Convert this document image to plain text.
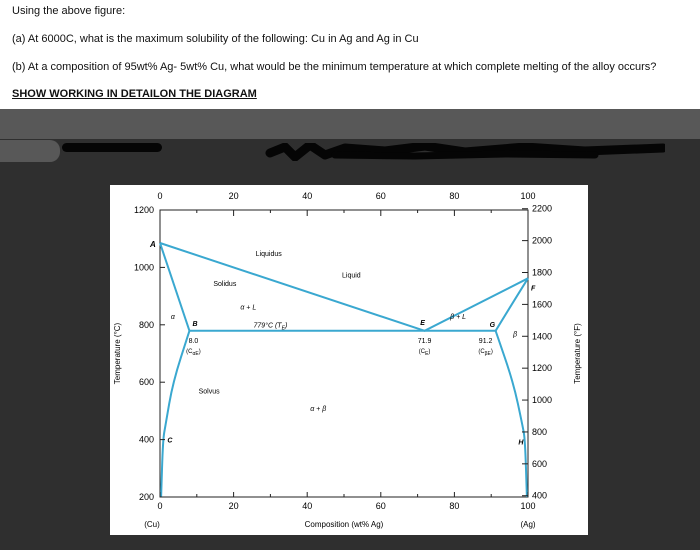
Using the above figure:
(a) At 6000C, what is the maximum solubility of the following: Cu in Ag and Ag in Cu
(b) At a composition of 95wt% Ag- 5wt% Cu, what would be the minimum temperature at which complete melting of the alloy occurs?
SHOW WORKING IN DETAILON THE DIAGRAM
0	20	40	60	80	100
0	20	40	60	80	100
1200
1000
800
600
400
200
2200
2000
1800
1600
1400
1200
1000
800
600
400
Composition (wt% Ag)
(Cu)	(Ag)
Temperature (°C)	Temperature (°F)
A
B
C
E	G
F
H
Liquidus
Solidus
Solvus
Liquid
α + L
β + L
α + β
α
β
779°C $(T_E)$
8.0
$(C_{\alpha E})$
71.9
$(C_E)$
91.2
$(C_{\beta E})$
